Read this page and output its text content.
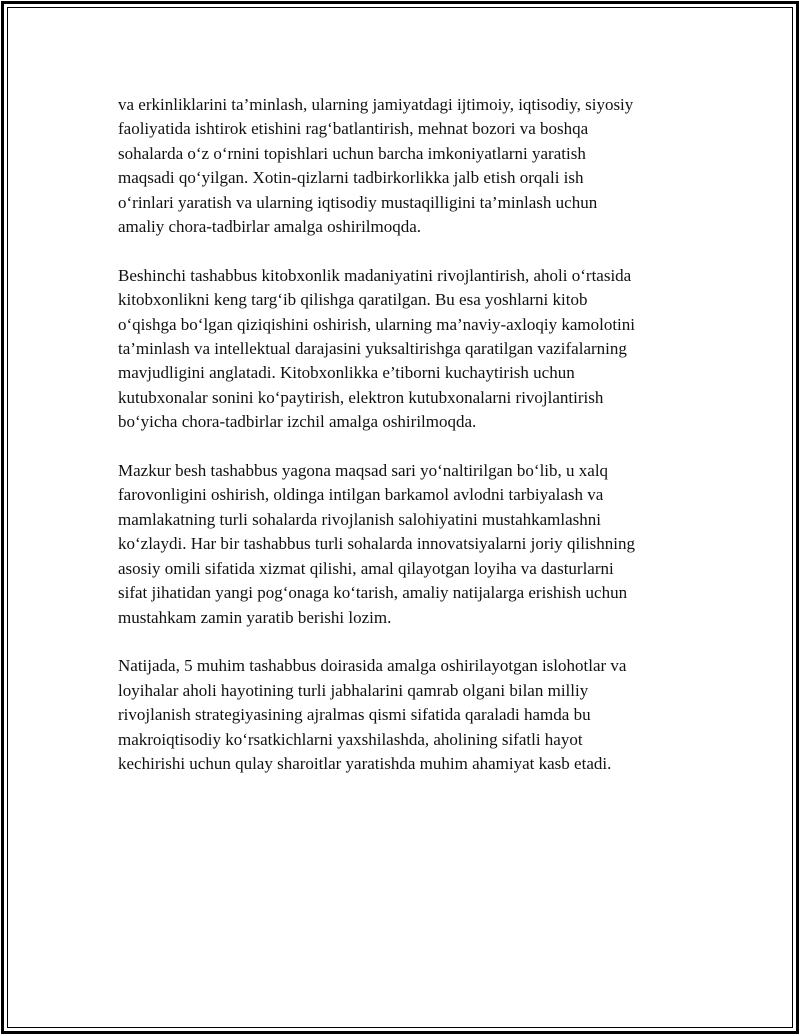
va erkinliklarini ta’minlash, ularning jamiyatdagi ijtimoiy, iqtisodiy, siyosiy
faoliyatida ishtirok etishini rag‘batlantirish, mehnat bozori va boshqa
sohalarda o‘z o‘rnini topishlari uchun barcha imkoniyatlarni yaratish
maqsadi qo‘yilgan. Xotin-qizlarni tadbirkorlikka jalb etish orqali ish
o‘rinlari yaratish va ularning iqtisodiy mustaqilligini ta’minlash uchun
amaliy chora-tadbirlar amalga oshirilmoqda.

Beshinchi tashabbus kitobxonlik madaniyatini rivojlantirish, aholi o‘rtasida
kitobxonlikni keng targ‘ib qilishga qaratilgan. Bu esa yoshlarni kitob
o‘qishga bo‘lgan qiziqishini oshirish, ularning ma’naviy-axloqiy kamolotini
ta’minlash va intellektual darajasini yuksaltirishga qaratilgan vazifalarning
mavjudligini anglatadi. Kitobxonlikka e’tiborni kuchaytirish uchun
kutubxonalar sonini ko‘paytirish, elektron kutubxonalarni rivojlantirish
bo‘yicha chora-tadbirlar izchil amalga oshirilmoqda.

Mazkur besh tashabbus yagona maqsad sari yo‘naltirilgan bo‘lib, u xalq
farovonligini oshirish, oldinga intilgan barkamol avlodni tarbiyalash va
mamlakatning turli sohalarda rivojlanish salohiyatini mustahkamlashni
ko‘zlaydi. Har bir tashabbus turli sohalarda innovatsiyalarni joriy qilishning
asosiy omili sifatida xizmat qilishi, amal qilayotgan loyiha va dasturlarni
sifat jihatidan yangi pog‘onaga ko‘tarish, amaliy natijalarga erishish uchun
mustahkam zamin yaratib berishi lozim.

Natijada, 5 muhim tashabbus doirasida amalga oshirilayotgan islohotlar va
loyihalar aholi hayotining turli jabhalarini qamrab olgani bilan milliy
rivojlanish strategiyasining ajralmas qismi sifatida qaraladi hamda bu
makroiqtisodiy ko‘rsatkichlarni yaxshilashda, aholining sifatli hayot
kechirishi uchun qulay sharoitlar yaratishda muhim ahamiyat kasb etadi.
